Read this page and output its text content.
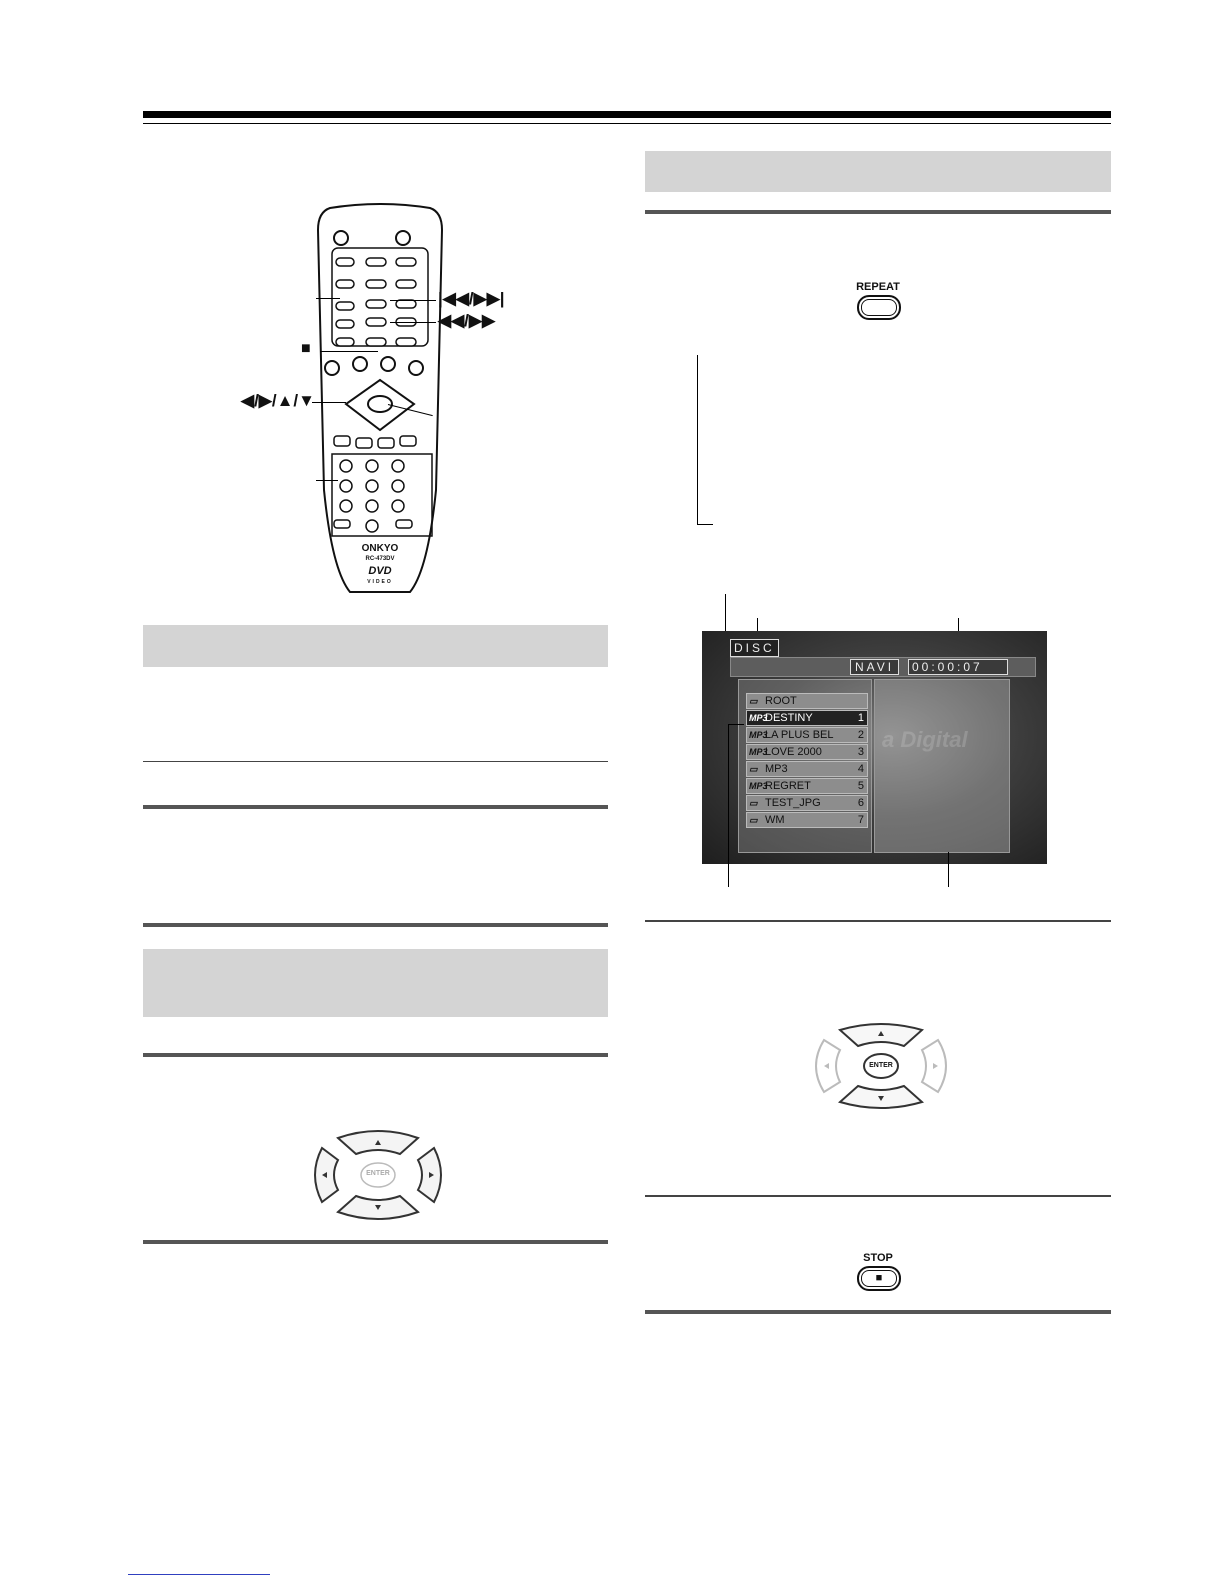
ONKYO
RC-473DV
DVD
VIDEO
|◀◀/▶▶|
◀◀/▶▶
■
◀/▶/▲/▼
ENTER
REPEAT
a Digital
DISC
NAVI	00:00:07
▭ ROOT
MP3DESTINY	1
MP3LA PLUS BEL 2
MP3LOVE 2000	3
▭ MP3	4
MP3REGRET	5
▭ TEST_JPG	6
▭ WM	7
ENTER
STOP
■
